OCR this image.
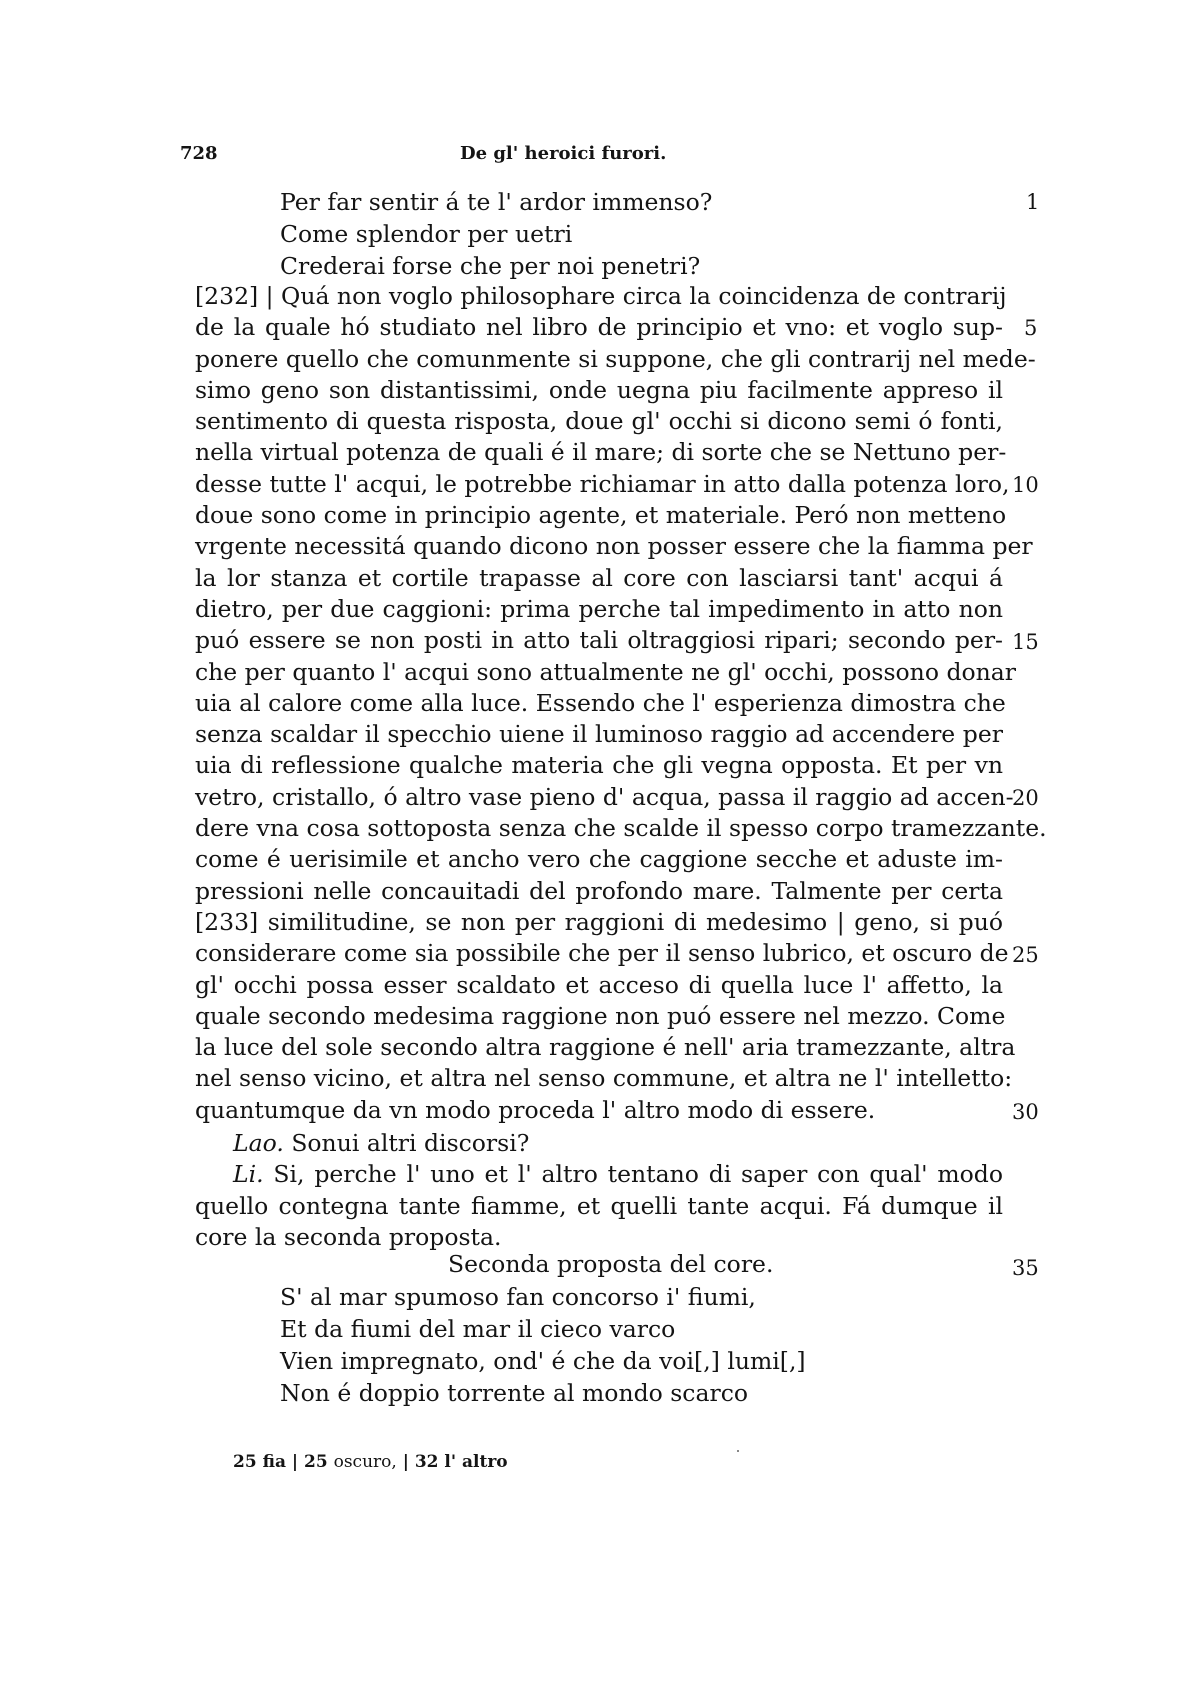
728	De gl' heroici furori.
Per far sentir á te l' ardor immenso?
Come splendor per uetri
Crederai forse che per noi penetri?
[232] | Quá non voglo philosophare circa la coincidenza de contrarij
de la quale hó studiato nel libro de principio et vno: et voglo sup-
ponere quello che comunmente si suppone, che gli contrarij nel mede-
simo geno son distantissimi, onde uegna piu facilmente appreso il
sentimento di questa risposta, doue gl' occhi si dicono semi ó fonti,
nella virtual potenza de quali é il mare; di sorte che se Nettuno per-
desse tutte l' acqui, le potrebbe richiamar in atto dalla potenza loro,
doue sono come in principio agente, et materiale. Peró non metteno
vrgente necessitá quando dicono non posser essere che la fiamma per
la lor stanza et cortile trapasse al core con lasciarsi tant' acqui á
dietro, per due caggioni: prima perche tal impedimento in atto non
puó essere se non posti in atto tali oltraggiosi ripari; secondo per-
che per quanto l' acqui sono attualmente ne gl' occhi, possono donar
uia al calore come alla luce. Essendo che l' esperienza dimostra che
senza scaldar il specchio uiene il luminoso raggio ad accendere per
uia di reflessione qualche materia che gli vegna opposta. Et per vn
vetro, cristallo, ó altro vase pieno d' acqua, passa il raggio ad accen-
dere vna cosa sottoposta senza che scalde il spesso corpo tramezzante.
come é uerisimile et ancho vero che caggione secche et aduste im-
pressioni nelle concauitadi del profondo mare. Talmente per certa
[233] similitudine, se non per raggioni di medesimo | geno, si puó
considerare come sia possibile che per il senso lubrico, et oscuro de
gl' occhi possa esser scaldato et acceso di quella luce l' affetto, la
quale secondo medesima raggione non puó essere nel mezzo. Come
la luce del sole secondo altra raggione é nell' aria tramezzante, altra
nel senso vicino, et altra nel senso commune, et altra ne l' intelletto:
quantumque da vn modo proceda l' altro modo di essere.
Lao. Sonui altri discorsi?
Li. Si, perche l' uno et l' altro tentano di saper con qual' modo
quello contegna tante fiamme, et quelli tante acqui. Fá dumque il
core la seconda proposta.
Seconda proposta del core.
S' al mar spumoso fan concorso i' fiumi,
Et da fiumi del mar il cieco varco
Vien impregnato, ond' é che da voi[,] lumi[,]
Non é doppio torrente al mondo scarco
1
5
10
15
20
25
30
35
25 fia | 25 oscuro, | 32 l' altro
